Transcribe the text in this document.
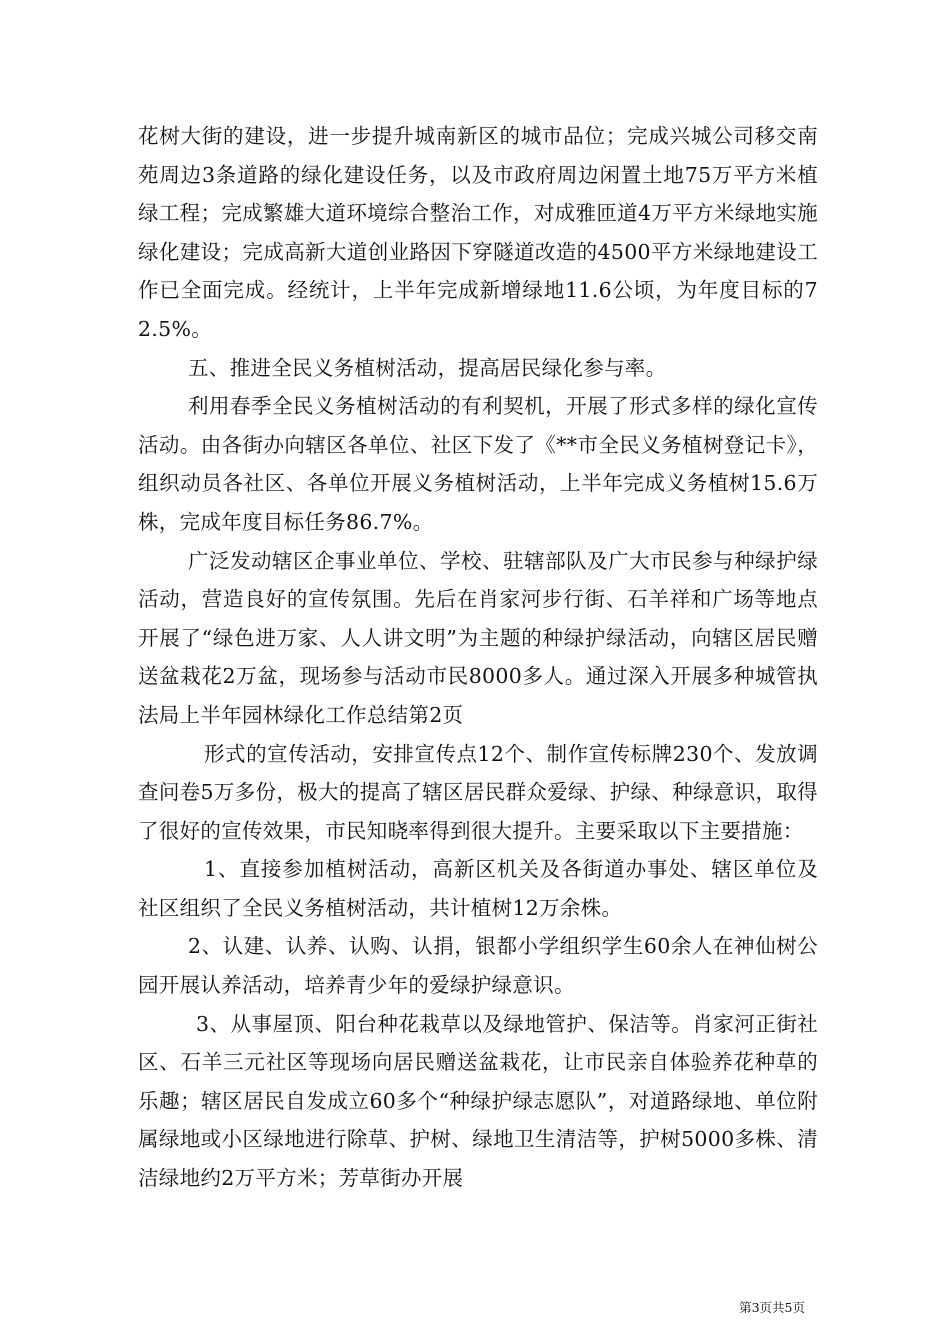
花树大街的建设，进一步提升城南新区的城市品位；完成兴城公司移交南苑周边3条道路的绿化建设任务，以及市政府周边闲置土地75万平方米植绿工程；完成繁雄大道环境综合整治工作，对成雅匝道4万平方米绿地实施绿化建设；完成高新大道创业路因下穿隧道改造的4500平方米绿地建设工作已全面完成。经统计，上半年完成新增绿地11.6公顷，为年度目标的72.5%。

五、推进全民义务植树活动，提高居民绿化参与率。

利用春季全民义务植树活动的有利契机，开展了形式多样的绿化宣传活动。由各街办向辖区各单位、社区下发了《**市全民义务植树登记卡》，组织动员各社区、各单位开展义务植树活动，上半年完成义务植树15.6万株，完成年度目标任务86.7%。

广泛发动辖区企事业单位、学校、驻辖部队及广大市民参与种绿护绿活动，营造良好的宣传氛围。先后在肖家河步行街、石羊祥和广场等地点开展了“绿色进万家、人人讲文明”为主题的种绿护绿活动，向辖区居民赠送盆栽花2万盆，现场参与活动市民8000多人。通过深入开展多种城管执法局上半年园林绿化工作总结第2页

形式的宣传活动，安排宣传点12个、制作宣传标牌230个、发放调查问卷5万多份，极大的提高了辖区居民群众爱绿、护绿、种绿意识，取得了很好的宣传效果，市民知晓率得到很大提升。主要采取以下主要措施：

1、直接参加植树活动，高新区机关及各街道办事处、辖区单位及社区组织了全民义务植树活动，共计植树12万余株。

2、认建、认养、认购、认捐，银都小学组织学生60余人在神仙树公园开展认养活动，培养青少年的爱绿护绿意识。

3、从事屋顶、阳台种花栽草以及绿地管护、保洁等。肖家河正街社区、石羊三元社区等现场向居民赠送盆栽花，让市民亲自体验养花种草的乐趣；辖区居民自发成立60多个“种绿护绿志愿队”，对道路绿地、单位附属绿地或小区绿地进行除草、护树、绿地卫生清洁等，护树5000多株、清洁绿地约2万平方米；芳草街办开展

第3页共5页
